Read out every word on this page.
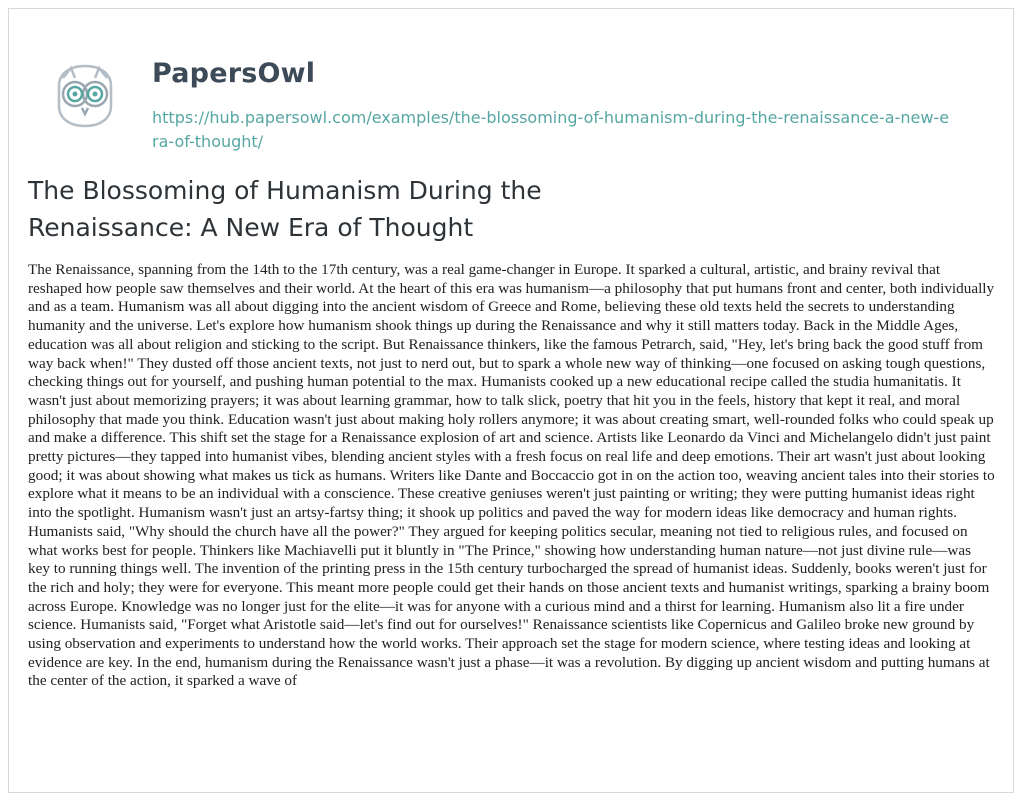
PapersOwl
https://hub.papersowl.com/examples/the-blossoming-of-humanism-during-the-renaissance-a-new-era-of-thought/
The Blossoming of Humanism During the Renaissance: A New Era of Thought

The Renaissance, spanning from the 14th to the 17th century, was a real game-changer in Europe. It sparked a cultural, artistic, and brainy revival that reshaped how people saw themselves and their world. At the heart of this era was humanism—a philosophy that put humans front and center, both individually and as a team. Humanism was all about digging into the ancient wisdom of Greece and Rome, believing these old texts held the secrets to understanding humanity and the universe. Let's explore how humanism shook things up during the Renaissance and why it still matters today. Back in the Middle Ages, education was all about religion and sticking to the script. But Renaissance thinkers, like the famous Petrarch, said, "Hey, let's bring back the good stuff from way back when!" They dusted off those ancient texts, not just to nerd out, but to spark a whole new way of thinking—one focused on asking tough questions, checking things out for yourself, and pushing human potential to the max. Humanists cooked up a new educational recipe called the studia humanitatis. It wasn't just about memorizing prayers; it was about learning grammar, how to talk slick, poetry that hit you in the feels, history that kept it real, and moral philosophy that made you think. Education wasn't just about making holy rollers anymore; it was about creating smart, well-rounded folks who could speak up and make a difference. This shift set the stage for a Renaissance explosion of art and science. Artists like Leonardo da Vinci and Michelangelo didn't just paint pretty pictures—they tapped into humanist vibes, blending ancient styles with a fresh focus on real life and deep emotions. Their art wasn't just about looking good; it was about showing what makes us tick as humans. Writers like Dante and Boccaccio got in on the action too, weaving ancient tales into their stories to explore what it means to be an individual with a conscience. These creative geniuses weren't just painting or writing; they were putting humanist ideas right into the spotlight. Humanism wasn't just an artsy-fartsy thing; it shook up politics and paved the way for modern ideas like democracy and human rights. Humanists said, "Why should the church have all the power?" They argued for keeping politics secular, meaning not tied to religious rules, and focused on what works best for people. Thinkers like Machiavelli put it bluntly in "The Prince," showing how understanding human nature—not just divine rule—was key to running things well. The invention of the printing press in the 15th century turbocharged the spread of humanist ideas. Suddenly, books weren't just for the rich and holy; they were for everyone. This meant more people could get their hands on those ancient texts and humanist writings, sparking a brainy boom across Europe. Knowledge was no longer just for the elite—it was for anyone with a curious mind and a thirst for learning. Humanism also lit a fire under science. Humanists said, "Forget what Aristotle said—let's find out for ourselves!" Renaissance scientists like Copernicus and Galileo broke new ground by using observation and experiments to understand how the world works. Their approach set the stage for modern science, where testing ideas and looking at evidence are key. In the end, humanism during the Renaissance wasn't just a phase—it was a revolution. By digging up ancient wisdom and putting humans at the center of the action, it sparked a wave of
